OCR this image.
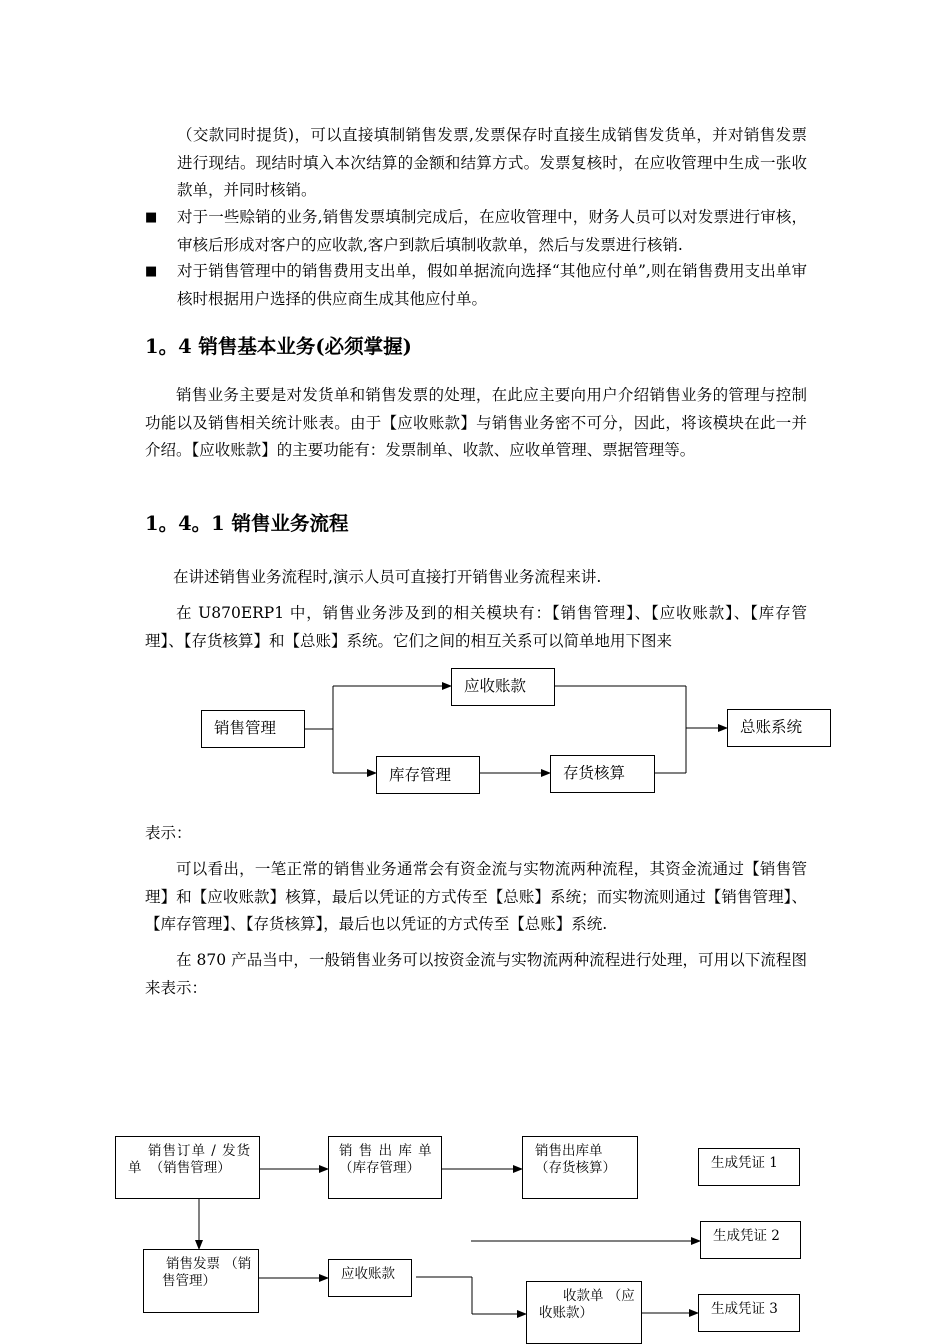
（交款同时提货)，可以直接填制销售发票,发票保存时直接生成销售发货单，并对销售发票进行现结。现结时填入本次结算的金额和结算方式。发票复核时，在应收管理中生成一张收款单，并同时核销。

■ 对于一些赊销的业务,销售发票填制完成后，在应收管理中，财务人员可以对发票进行审核，审核后形成对客户的应收款,客户到款后填制收款单，然后与发票进行核销.

■ 对于销售管理中的销售费用支出单，假如单据流向选择“其他应付单”,则在销售费用支出单审核时根据用户选择的供应商生成其他应付单。

1。4 销售基本业务(必须掌握)

销售业务主要是对发货单和销售发票的处理，在此应主要向用户介绍销售业务的管理与控制功能以及销售相关统计账表。由于【应收账款】与销售业务密不可分，因此，将该模块在此一并介绍。【应收账款】的主要功能有：发票制单、收款、应收单管理、票据管理等。

1。4。1 销售业务流程

在讲述销售业务流程时,演示人员可直接打开销售业务流程来讲.

在 U870ERP1 中，销售业务涉及到的相关模块有：【销售管理】、【应收账款】、【库存管理】、【存货核算】和【总账】系统。它们之间的相互关系可以简单地用下图来

销售管理
应收账款
库存管理	存货核算
总账系统

表示：

可以看出，一笔正常的销售业务通常会有资金流与实物流两种流程，其资金流通过【销售管理】和【应收账款】核算，最后以凭证的方式传至【总账】系统；而实物流则通过【销售管理】、【库存管理】、【存货核算】，最后也以凭证的方式传至【总账】系统.

在 870 产品当中，一般销售业务可以按资金流与实物流两种流程进行处理，可用以下流程图来表示：

销售订单 / 发货 单 （销售管理）
销 售 出 库 单 （库存管理）
销售出库单 （存货核算）	生成凭证 1
销售发票 （销售管理）	应收账款
生成凭证 2
收款单 （应收账款）	生成凭证 3
